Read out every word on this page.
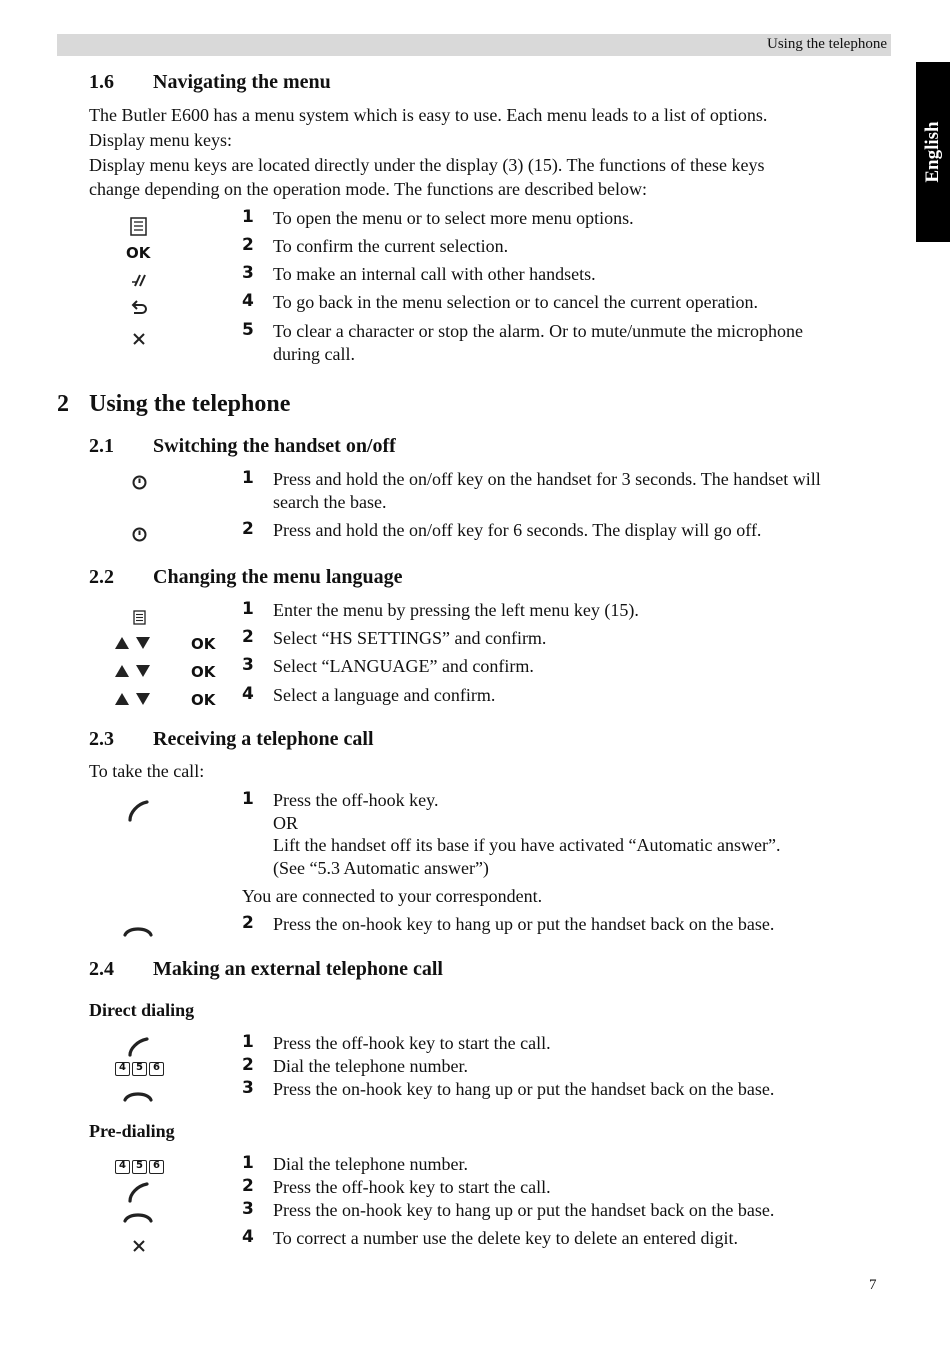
Using the telephone
English
1.6 Navigating the menu
The Butler E600 has a menu system which is easy to use. Each menu leads to a list of options.
Display menu keys:
Display menu keys are located directly under the display (3) (15). The functions of these keys
change depending on the operation mode. The functions are described below:
OK
1 To open the menu or to select more menu options.
2 To confirm the current selection.
3 To make an internal call with other handsets.
4 To go back in the menu selection or to cancel the current operation.
5 To clear a character or stop the alarm. Or to mute/unmute the microphone
during call.
2 Using the telephone
2.1 Switching the handset on/off
1 Press and hold the on/off key on the handset for 3 seconds. The handset will
search the base.
2 Press and hold the on/off key for 6 seconds. The display will go off.
2.2 Changing the menu language
OK
OK
OK
1 Enter the menu by pressing the left menu key (15).
2 Select “HS SETTINGS” and confirm.
3 Select “LANGUAGE” and confirm.
4 Select a language and confirm.
2.3 Receiving a telephone call
To take the call:
1 Press the off-hook key.
OR
Lift the handset off its base if you have activated “Automatic answer”.
(See “5.3 Automatic answer”)
You are connected to your correspondent.
2 Press the on-hook key to hang up or put the handset back on the base.
2.4 Making an external telephone call
Direct dialing
4	5	6
1 Press the off-hook key to start the call.
2 Dial the telephone number.
3 Press the on-hook key to hang up or put the handset back on the base.
Pre-dialing
4	5	6	1 Dial the telephone number.
2 Press the off-hook key to start the call.
3 Press the on-hook key to hang up or put the handset back on the base.
4 To correct a number use the delete key to delete an entered digit.
7
